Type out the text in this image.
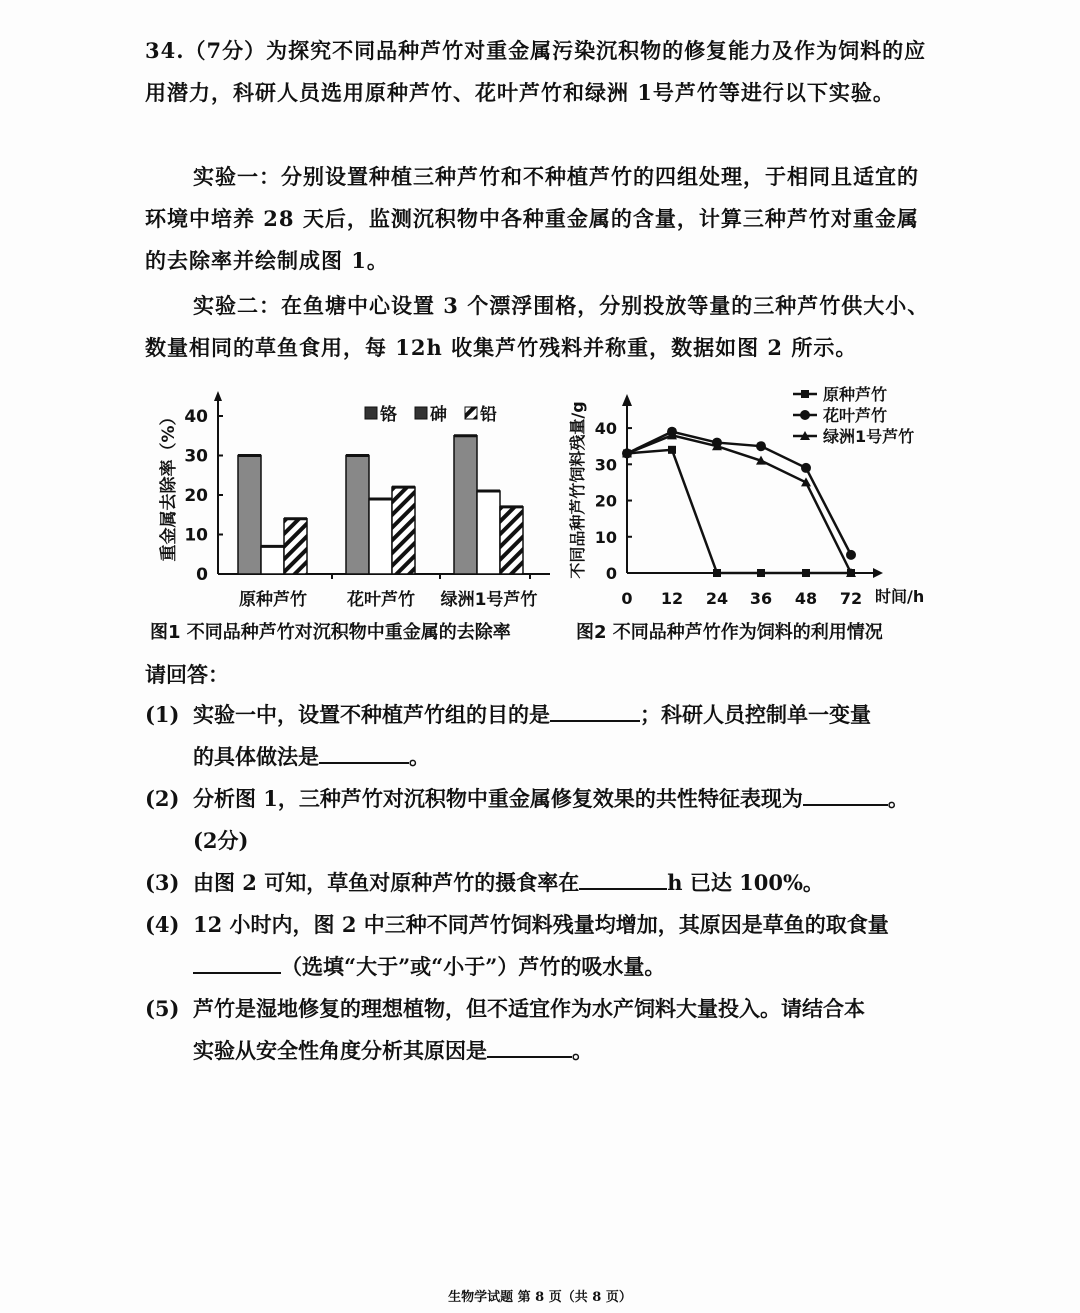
34.（7分）为探究不同品种芦竹对重金属污染沉积物的修复能力及作为饲料的应用潜力，科研人员选用原种芦竹、花叶芦竹和绿洲 1号芦竹等进行以下实验。
实验一：分别设置种植三种芦竹和不种植芦竹的四组处理，于相同且适宜的环境中培养 28 天后，监测沉积物中各种重金属的含量，计算三种芦竹对重金属的去除率并绘制成图 1。
实验二：在鱼塘中心设置 3 个漂浮围格，分别投放等量的三种芦竹供大小、数量相同的草鱼食用，每 12h 收集芦竹残料并称重，数据如图 2 所示。
0
10
20
30
40
重金属去除率（%）
原种芦竹 花叶芦竹 绿洲1号芦竹
铬 砷 铅
0
10
20
30
40
0 12 24 36 48 72 时间/h
不同品种芦竹饲料残量/g
原种芦竹
花叶芦竹
绿洲1号芦竹
图1 不同品种芦竹对沉积物中重金属的去除率	图2 不同品种芦竹作为饲料的利用情况
请回答：
(1) 实验一中，设置不种植芦竹组的目的是	；科研人员控制单一变量
的具体做法是	。
(2) 分析图 1，三种芦竹对沉积物中重金属修复效果的共性特征表现为	。
(2分)
(3) 由图 2 可知，草鱼对原种芦竹的摄食率在	h 已达 100%。
(4) 12 小时内，图 2 中三种不同芦竹饲料残量均增加，其原因是草鱼的取食量
（选填“大于”或“小于”）芦竹的吸水量。
(5) 芦竹是湿地修复的理想植物，但不适宜作为水产饲料大量投入。请结合本
实验从安全性角度分析其原因是	。
生物学试题 第 8 页（共 8 页）
